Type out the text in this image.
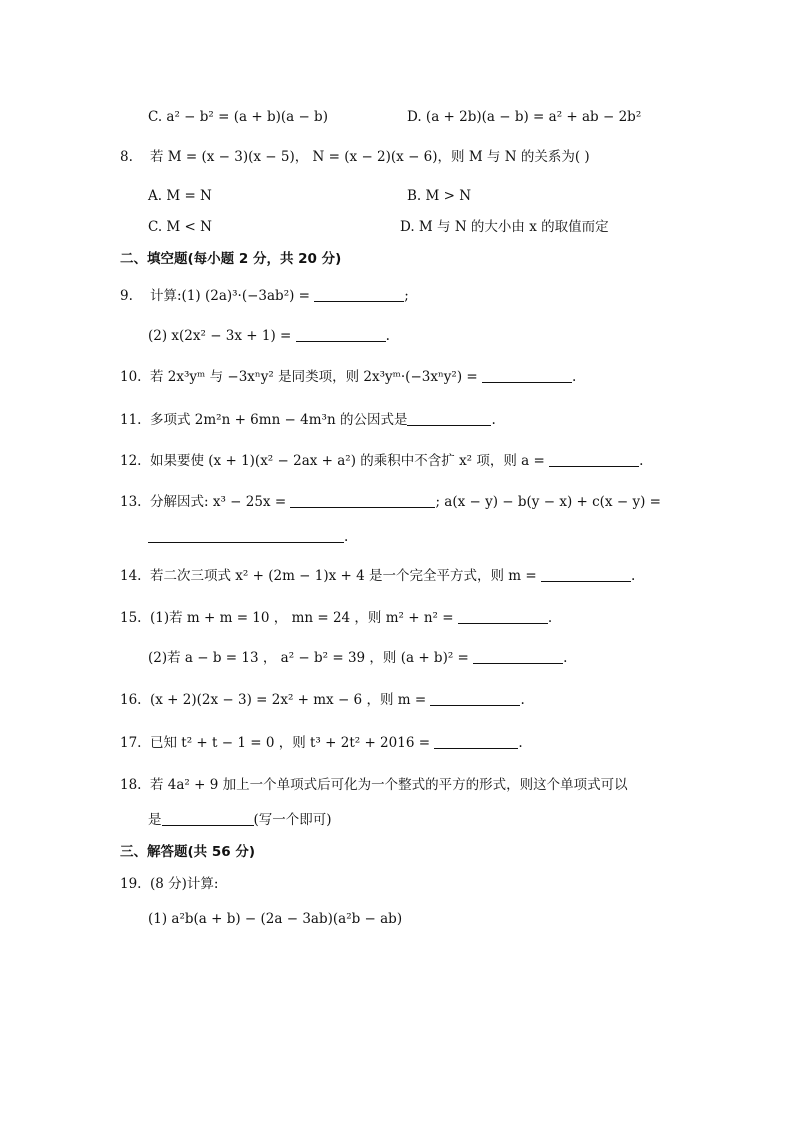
C. a² − b² = (a + b)(a − b)	D. (a + 2b)(a − b) = a² + ab − 2b²
8. 若 M = (x − 3)(x − 5)， N = (x − 2)(x − 6)，则 M 与 N 的关系为( )
A. M = N	B. M > N
C. M < N	D. M 与 N 的大小由 x 的取值而定
二、填空题(每小题 2 分，共 20 分)
9. 计算:(1) (2a)³·(−3ab²) =	;
(2) x(2x² − 3x + 1) =	.
10. 若 2x³yᵐ 与 −3xⁿy² 是同类项，则 2x³yᵐ·(−3xⁿy²) =	.
11. 多项式 2m²n + 6mn − 4m³n 的公因式是	.
12. 如果要使 (x + 1)(x² − 2ax + a²) 的乘积中不含扩 x² 项，则 a =	.
13. 分解因式: x³ − 25x =	; a(x − y) − b(y − x) + c(x − y) =
.
14. 若二次三项式 x² + (2m − 1)x + 4 是一个完全平方式，则 m =	.
15. (1)若 m + m = 10 ， mn = 24 ，则 m² + n² =	.
(2)若 a − b = 13 ， a² − b² = 39 ，则 (a + b)² =	.
16. (x + 2)(2x − 3) = 2x² + mx − 6 ，则 m =	.
17. 已知 t² + t − 1 = 0 ，则 t³ + 2t² + 2016 =	.
18. 若 4a² + 9 加上一个单项式后可化为一个整式的平方的形式，则这个单项式可以
是	(写一个即可)
三、解答题(共 56 分)
19. (8 分)计算:
(1) a²b(a + b) − (2a − 3ab)(a²b − ab)
